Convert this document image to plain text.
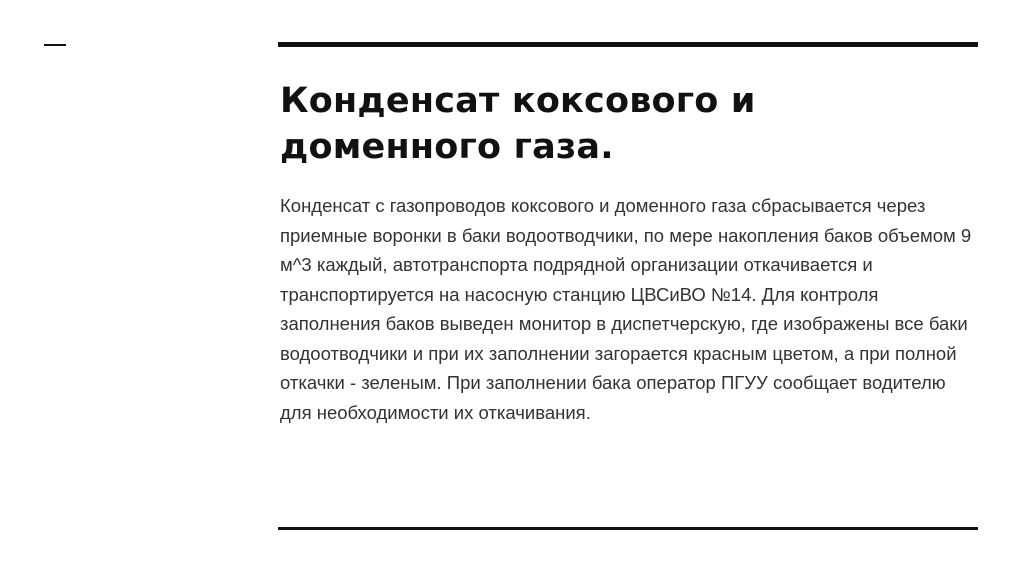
Конденсат коксового и доменного газа.

Конденсат с газопроводов коксового и доменного газа сбрасывается через приемные воронки в баки водоотводчики, по мере накопления баков объемом 9 м^3 каждый, автотранспорта подрядной организации откачивается и транспортируется на насосную станцию ЦВСиВО №14. Для контроля заполнения баков выведен монитор в диспетчерскую, где изображены все баки водоотводчики и при их заполнении загорается красным цветом, а при полной откачки - зеленым. При заполнении бака оператор ПГУУ сообщает водителю для необходимости их откачивания.
